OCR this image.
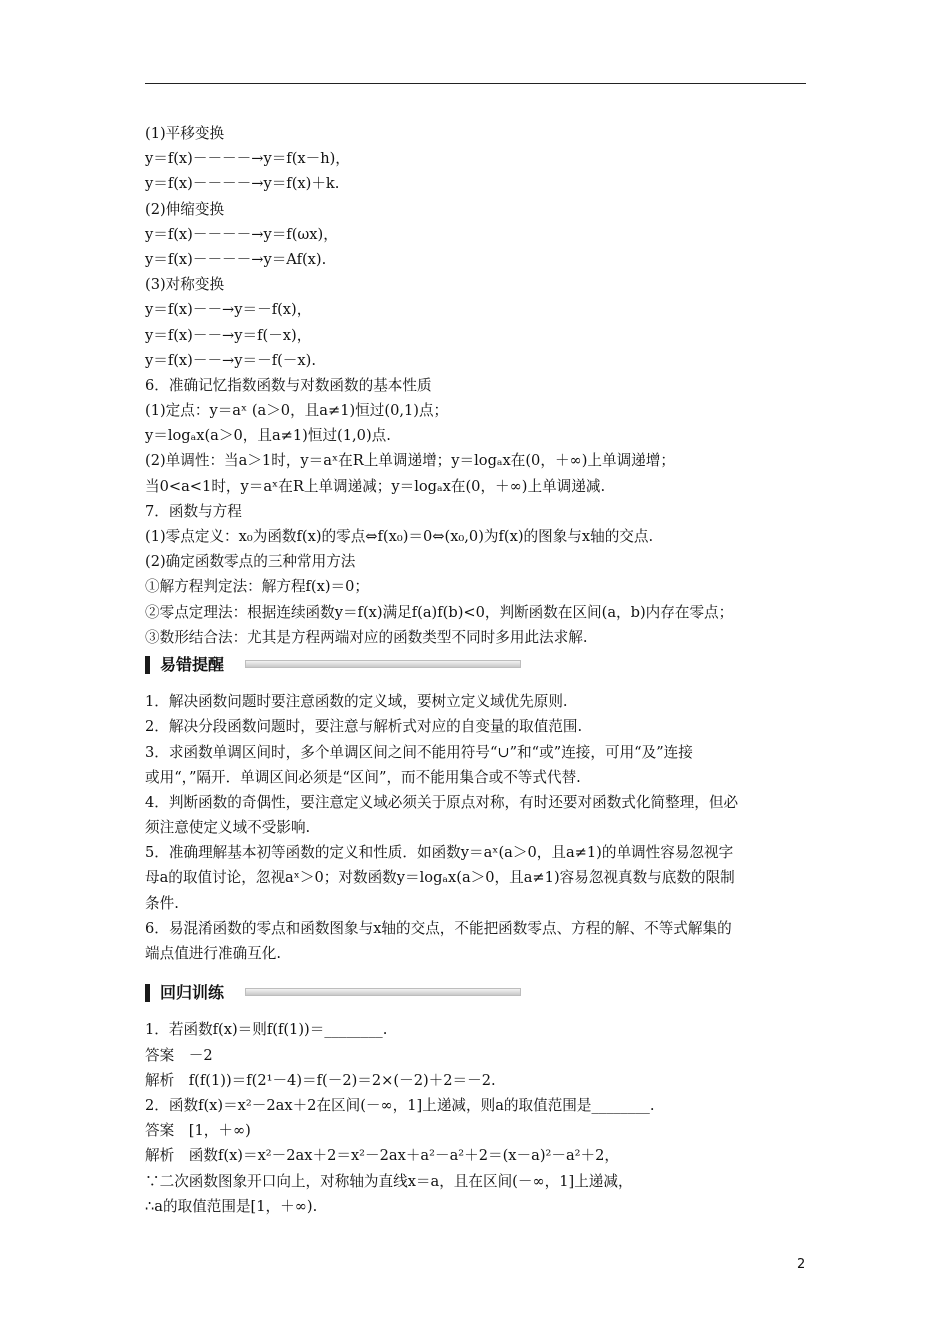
(1)平移变换
y＝f(x)－－－－→y＝f(x－h)，
y＝f(x)－－－－→y＝f(x)＋k.
(2)伸缩变换
y＝f(x)－－－－→y＝f(ωx)，
y＝f(x)－－－－→y＝Af(x).
(3)对称变换
y＝f(x)－－→y＝－f(x)，
y＝f(x)－－→y＝f(－x)，
y＝f(x)－－→y＝－f(－x).
6．准确记忆指数函数与对数函数的基本性质
(1)定点：y＝aˣ (a＞0，且a≠1)恒过(0,1)点；
y＝logₐx(a＞0，且a≠1)恒过(1,0)点.
(2)单调性：当a＞1时，y＝aˣ在R上单调递增；y＝logₐx在(0，＋∞)上单调递增；
当0<a<1时，y＝aˣ在R上单调递减；y＝logₐx在(0，＋∞)上单调递减.
7．函数与方程
(1)零点定义：x₀为函数f(x)的零点⇔f(x₀)＝0⇔(x₀,0)为f(x)的图象与x轴的交点.
(2)确定函数零点的三种常用方法
①解方程判定法：解方程f(x)＝0；
②零点定理法：根据连续函数y＝f(x)满足f(a)f(b)<0，判断函数在区间(a，b)内存在零点；
③数形结合法：尤其是方程两端对应的函数类型不同时多用此法求解.
易错提醒
1．解决函数问题时要注意函数的定义域，要树立定义域优先原则.
2．解决分段函数问题时，要注意与解析式对应的自变量的取值范围.
3．求函数单调区间时，多个单调区间之间不能用符号“∪”和“或”连接，可用“及”连接
或用“，”隔开．单调区间必须是“区间”，而不能用集合或不等式代替.
4．判断函数的奇偶性，要注意定义域必须关于原点对称，有时还要对函数式化简整理，但必
须注意使定义域不受影响.
5．准确理解基本初等函数的定义和性质．如函数y＝aˣ(a＞0，且a≠1)的单调性容易忽视字
母a的取值讨论，忽视aˣ＞0；对数函数y＝logₐx(a＞0，且a≠1)容易忽视真数与底数的限制
条件.
6．易混淆函数的零点和函数图象与x轴的交点，不能把函数零点、方程的解、不等式解集的
端点值进行准确互化.
回归训练
1．若函数f(x)＝则f(f(1))＝________.
答案　－2
解析　f(f(1))＝f(2¹－4)＝f(－2)＝2×(－2)＋2＝－2.
2．函数f(x)＝x²－2ax＋2在区间(－∞，1]上递减，则a的取值范围是________.
答案　[1，＋∞)
解析　函数f(x)＝x²－2ax＋2＝x²－2ax＋a²－a²＋2＝(x－a)²－a²＋2，
∵二次函数图象开口向上，对称轴为直线x＝a，且在区间(－∞，1]上递减，
∴a的取值范围是[1，＋∞).
2
